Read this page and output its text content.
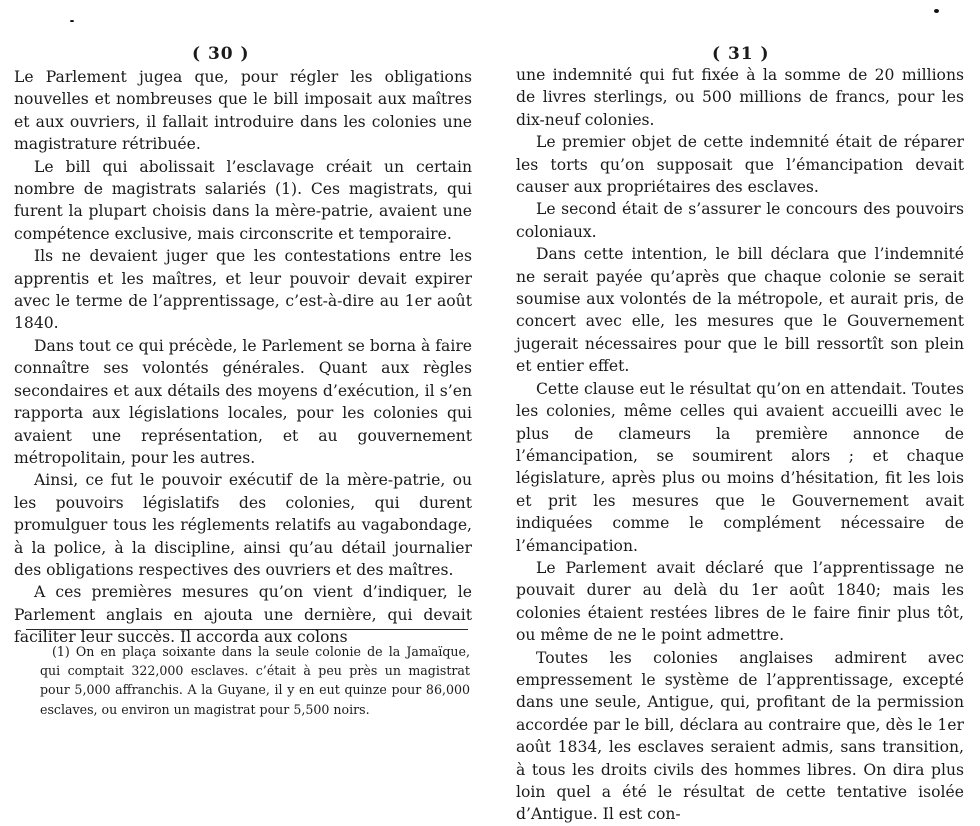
( 30 )

Le Parlement jugea que, pour régler les obligations nouvelles et nombreuses que le bill imposait aux maîtres et aux ouvriers, il fallait introduire dans les colonies une magistrature rétribuée.

Le bill qui abolissait l’esclavage créait un certain nombre de magistrats salariés (1). Ces magistrats, qui furent la plupart choisis dans la mère-patrie, avaient une compétence exclusive, mais circonscrite et temporaire.

Ils ne devaient juger que les contestations entre les apprentis et les maîtres, et leur pouvoir devait expirer avec le terme de l’apprentissage, c’est-à-dire au 1er août 1840.

Dans tout ce qui précède, le Parlement se borna à faire connaître ses volontés générales. Quant aux règles secondaires et aux détails des moyens d’exécution, il s’en rapporta aux législations locales, pour les colonies qui avaient une représentation, et au gouvernement métropolitain, pour les autres.

Ainsi, ce fut le pouvoir exécutif de la mère-patrie, ou les pouvoirs législatifs des colonies, qui durent promulguer tous les réglements relatifs au vagabondage, à la police, à la discipline, ainsi qu’au détail journalier des obligations respectives des ouvriers et des maîtres.

A ces premières mesures qu’on vient d’indiquer, le Parlement anglais en ajouta une dernière, qui devait faciliter leur succès. Il accorda aux colons

(1) On en plaça soixante dans la seule colonie de la Jamaïque, qui comptait 322,000 esclaves. c’était à peu près un magistrat pour 5,000 affranchis. A la Guyane, il y en eut quinze pour 86,000 esclaves, ou environ un magistrat pour 5,500 noirs.

( 31 )

une indemnité qui fut fixée à la somme de 20 millions de livres sterlings, ou 500 millions de francs, pour les dix-neuf colonies.

Le premier objet de cette indemnité était de réparer les torts qu’on supposait que l’émancipation devait causer aux propriétaires des esclaves.

Le second était de s’assurer le concours des pouvoirs coloniaux.

Dans cette intention, le bill déclara que l’indemnité ne serait payée qu’après que chaque colonie se serait soumise aux volontés de la métropole, et aurait pris, de concert avec elle, les mesures que le Gouvernement jugerait nécessaires pour que le bill ressortît son plein et entier effet.

Cette clause eut le résultat qu’on en attendait. Toutes les colonies, même celles qui avaient accueilli avec le plus de clameurs la première annonce de l’émancipation, se soumirent alors ; et chaque législature, après plus ou moins d’hésitation, fit les lois et prit les mesures que le Gouvernement avait indiquées comme le complément nécessaire de l’émancipation.

Le Parlement avait déclaré que l’apprentissage ne pouvait durer au delà du 1er août 1840; mais les colonies étaient restées libres de le faire finir plus tôt, ou même de ne le point admettre.

Toutes les colonies anglaises admirent avec empressement le système de l’apprentissage, excepté dans une seule, Antigue, qui, profitant de la permission accordée par le bill, déclara au contraire que, dès le 1er août 1834, les esclaves seraient admis, sans transition, à tous les droits civils des hommes libres. On dira plus loin quel a été le résultat de cette tentative isolée d’Antigue. Il est con-
